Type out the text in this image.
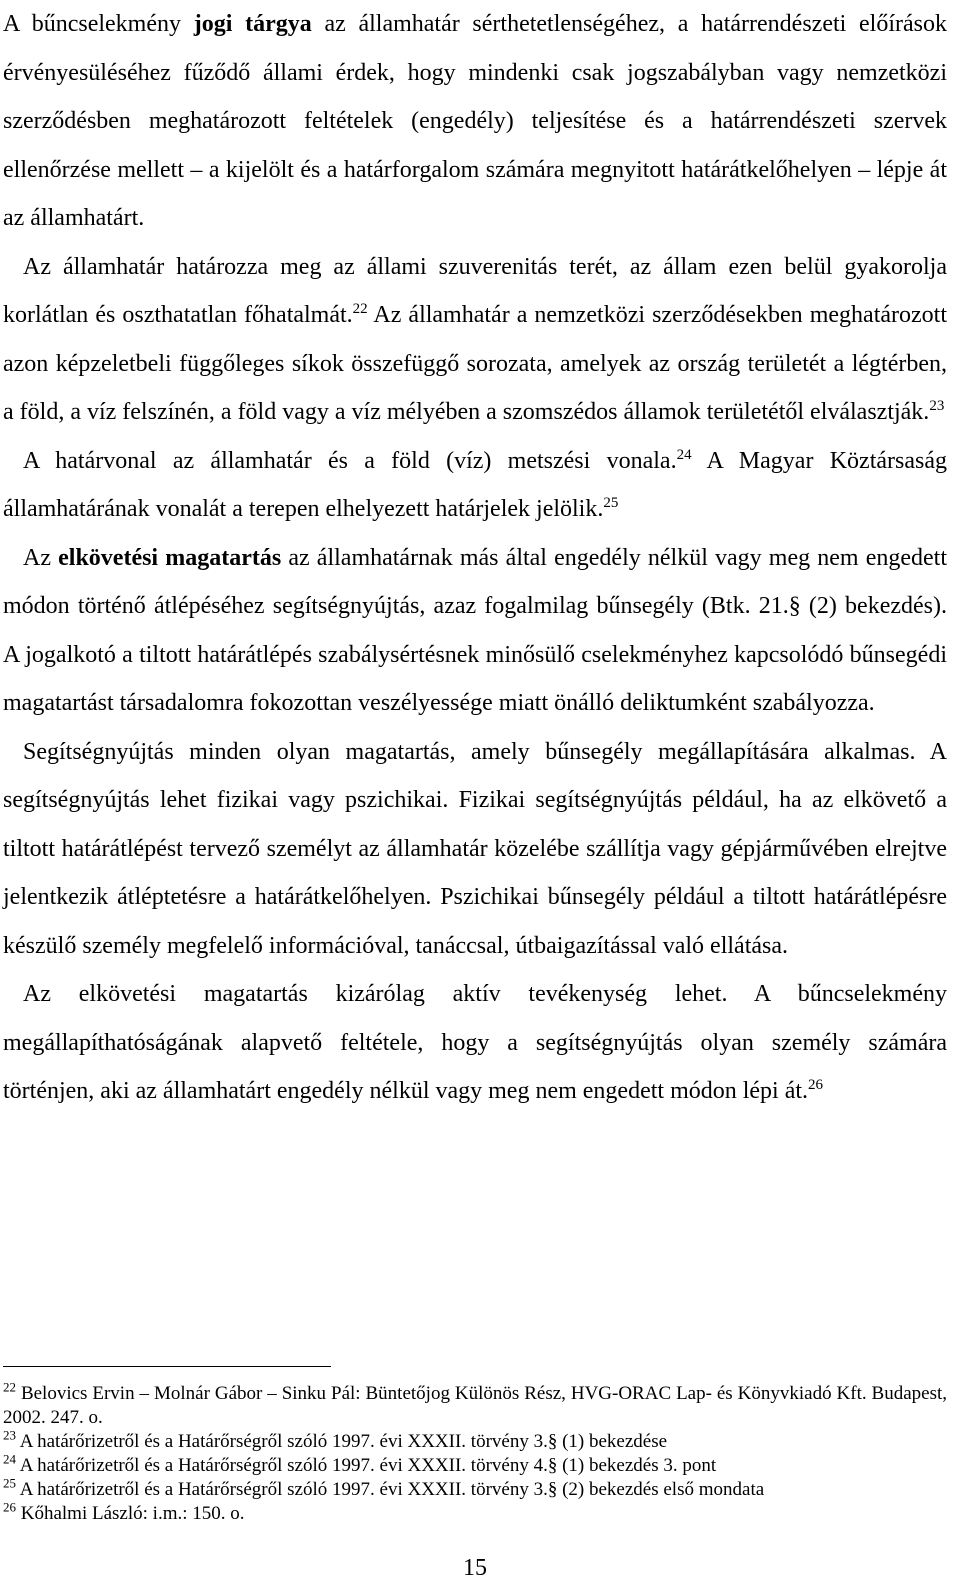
A bűncselekmény jogi tárgya az államhatár sérthetetlenségéhez, a határrendészeti előírások érvényesüléséhez fűződő állami érdek, hogy mindenki csak jogszabályban vagy nemzetközi szerződésben meghatározott feltételek (engedély) teljesítése és a határrendészeti szervek ellenőrzése mellett – a kijelölt és a határforgalom számára megnyitott határátkelőhelyen – lépje át az államhatárt.

Az államhatár határozza meg az állami szuverenitás terét, az állam ezen belül gyakorolja korlátlan és oszthatatlan főhatalmát.$^{22}$ Az államhatár a nemzetközi szerződésekben meghatározott azon képzeletbeli függőleges síkok összefüggő sorozata, amelyek az ország területét a légtérben, a föld, a víz felszínén, a föld vagy a víz mélyében a szomszédos államok területétől elválasztják.$^{23}$

A határvonal az államhatár és a föld (víz) metszési vonala.$^{24}$ A Magyar Köztársaság államhatárának vonalát a terepen elhelyezett határjelek jelölik.$^{25}$

Az elkövetési magatartás az államhatárnak más által engedély nélkül vagy meg nem engedett módon történő átlépéséhez segítségnyújtás, azaz fogalmilag bűnsegély (Btk. 21.§ (2) bekezdés). A jogalkotó a tiltott határátlépés szabálysértésnek minősülő cselekményhez kapcsolódó bűnsegédi magatartást társadalomra fokozottan veszélyessége miatt önálló deliktumként szabályozza.

Segítségnyújtás minden olyan magatartás, amely bűnsegély megállapítására alkalmas. A segítségnyújtás lehet fizikai vagy pszichikai. Fizikai segítségnyújtás például, ha az elkövető a tiltott határátlépést tervező személyt az államhatár közelébe szállítja vagy gépjárművében elrejtve jelentkezik átléptetésre a határátkelőhelyen. Pszichikai bűnsegély például a tiltott határátlépésre készülő személy megfelelő információval, tanáccsal, útbaigazítással való ellátása.

Az elkövetési magatartás kizárólag aktív tevékenység lehet. A bűncselekmény megállapíthatóságának alapvető feltétele, hogy a segítségnyújtás olyan személy számára történjen, aki az államhatárt engedély nélkül vagy meg nem engedett módon lépi át.$^{26}$

$^{22}$ Belovics Ervin – Molnár Gábor – Sinku Pál: Büntetőjog Különös Rész, HVG-ORAC Lap- és Könyvkiadó Kft. Budapest, 2002. 247. o.

$^{23}$ A határőrizetről és a Határőrségről szóló 1997. évi XXXII. törvény 3.§ (1) bekezdése

$^{24}$ A határőrizetről és a Határőrségről szóló 1997. évi XXXII. törvény 4.§ (1) bekezdés 3. pont

$^{25}$ A határőrizetről és a Határőrségről szóló 1997. évi XXXII. törvény 3.§ (2) bekezdés első mondata

$^{26}$ Kőhalmi László: i.m.: 150. o.

15
